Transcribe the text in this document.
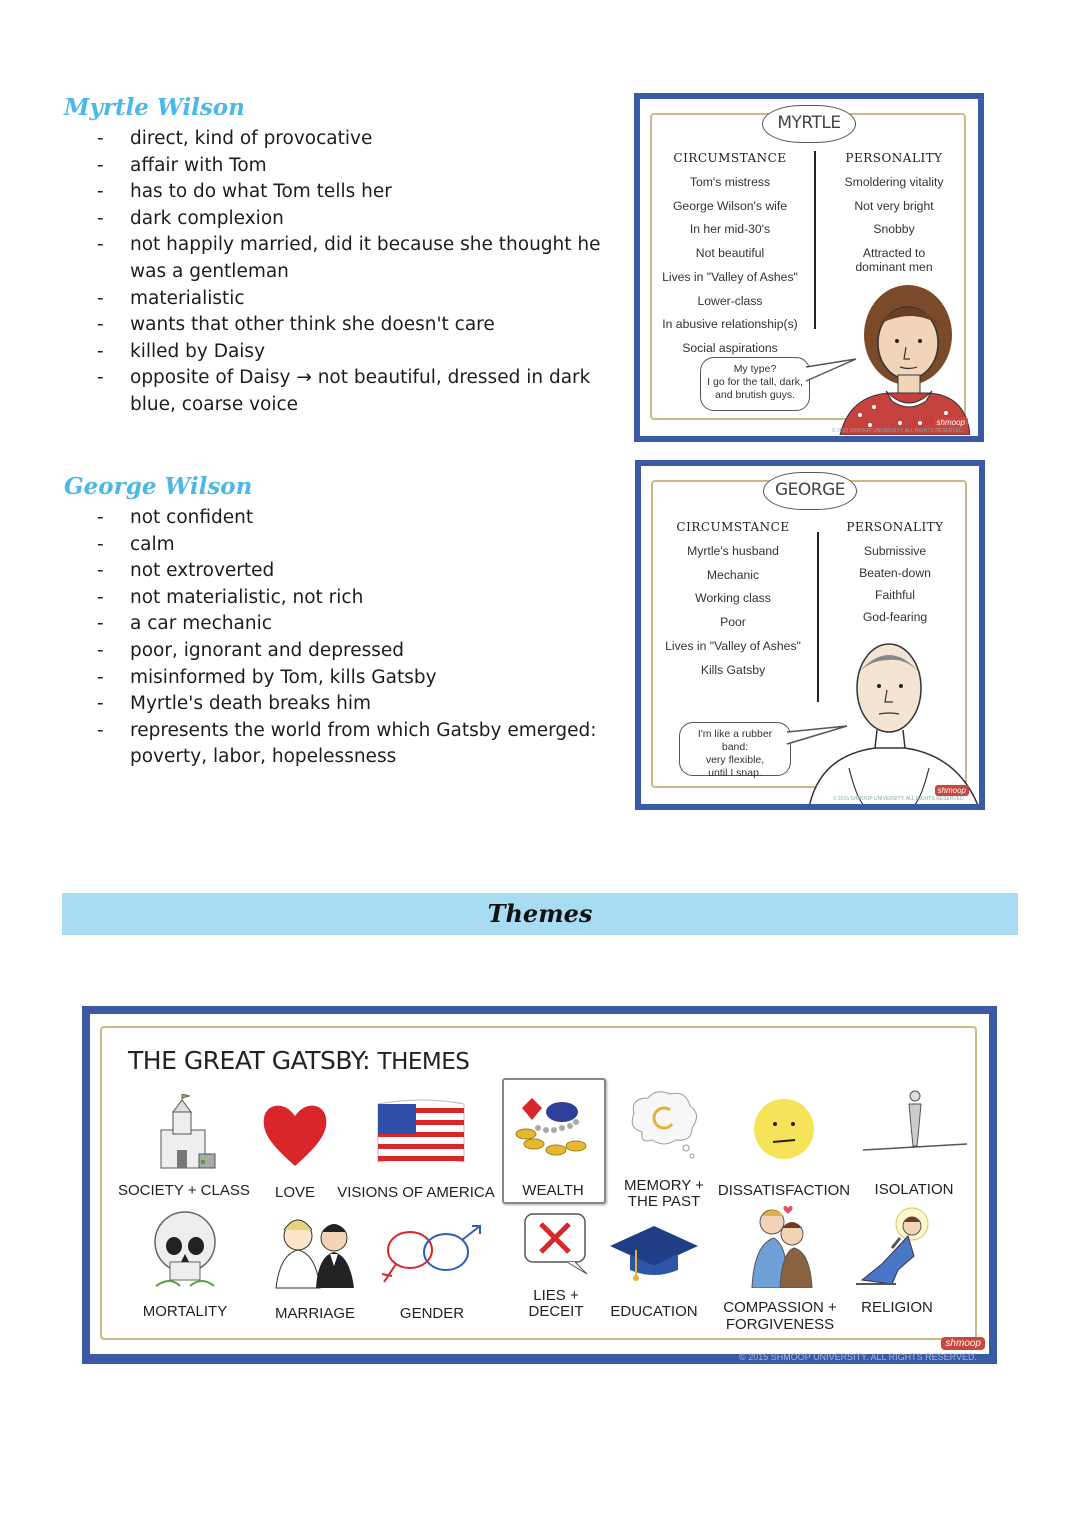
Myrtle Wilson
- direct, kind of provocative
- affair with Tom
- has to do what Tom tells her
- dark complexion
- not happily married, did it because she thought he
was a gentleman
- materialistic
- wants that other think she doesn't care
- killed by Daisy
- opposite of Daisy → not beautiful, dressed in dark
blue, coarse voice
George Wilson
- not confident
- calm
- not extroverted
- not materialistic, not rich
- a car mechanic
- poor, ignorant and depressed
- misinformed by Tom, kills Gatsby
- Myrtle's death breaks him
- represents the world from which Gatsby emerged:
poverty, labor, hopelessness
MYRTLE
CIRCUMSTANCE
Tom's mistress
George Wilson's wife
In her mid-30's
Not beautiful
Lives in "Valley of Ashes"
Lower-class
In abusive relationship(s)
Social aspirations
PERSONALITY
Smoldering vitality
Not very bright
Snobby
Attracted to
dominant men
My type?
I go for the tall, dark,
and brutish guys.
shmoop
© 2015 SHMOOP UNIVERSITY. ALL RIGHTS RESERVED.
GEORGE
CIRCUMSTANCE
Myrtle's husband
Mechanic
Working class
Poor
Lives in "Valley of Ashes"
Kills Gatsby
PERSONALITY
Submissive
Beaten-down
Faithful
God-fearing
I'm like a rubber band:
very flexible,
until I snap.
shmoop
© 2015 SHMOOP UNIVERSITY. ALL RIGHTS RESERVED.
Themes
THE GREAT GATSBY: THEMES
SOCIETY + CLASS	LOVE	VISIONS OF AMERICA	WEALTH	MEMORY +
THE PAST
DISSATISFACTION	ISOLATION
MORTALITY	MARRIAGE	GENDER
LIES +
DECEIT	EDUCATION	COMPASSION +
FORGIVENESS
RELIGION
shmoop
© 2015 SHMOOP UNIVERSITY. ALL RIGHTS RESERVED.
